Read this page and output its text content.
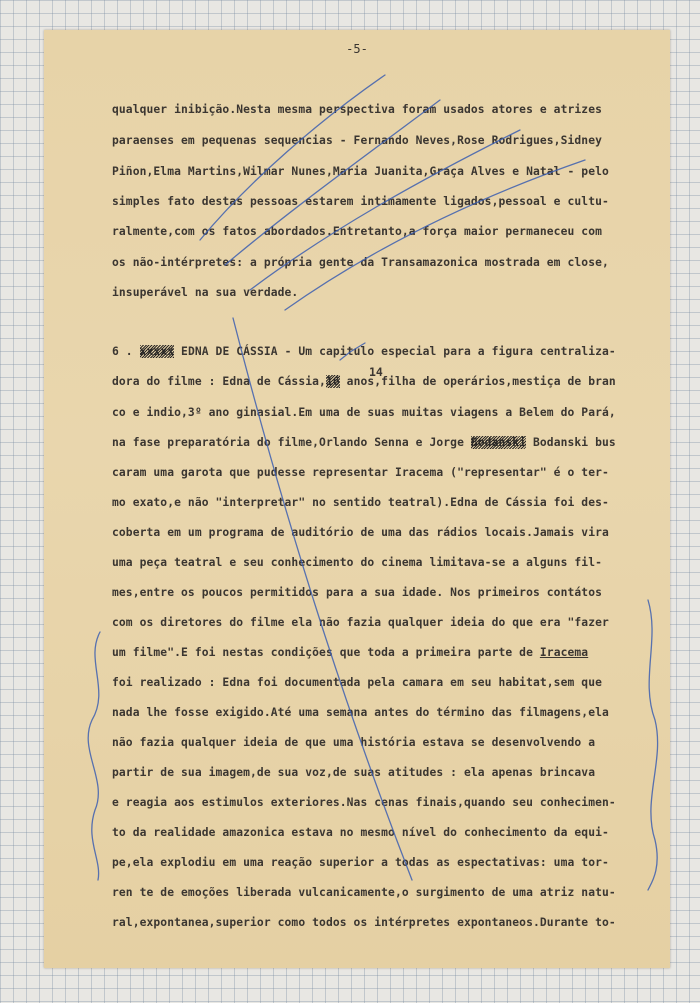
-5-
qualquer inibição.Nesta mesma perspectiva foram usados atores e atrizes
paraenses em pequenas sequencias - Fernando Neves,Rose Rodrigues,Sidney
Piñon,Elma Martins,Wilmar Nunes,Maria Juanita,Graça Alves e Natal - pelo
simples fato destas pessoas estarem intimamente ligados,pessoal e cultu-
ralmente,com os fatos abordados.Entretanto,a força maior permaneceu com
os não-intérpretes: a própria gente da Transamazonica mostrada em close,
insuperável na sua verdade.
14
6 . xxxxx EDNA DE CÁSSIA - Um capitulo especial para a figura centraliza-
dora do filme : Edna de Cássia,16 anos,filha de operários,mestiça de bran
co e indio,3º ano ginasial.Em uma de suas muitas viagens a Belem do Pará,
na fase preparatória do filme,Orlando Senna e Jorge Bodanski Bodanski bus
caram uma garota que pudesse representar Iracema ("representar" é o ter-
mo exato,e não "interpretar" no sentido teatral).Edna de Cássia foi des-
coberta em um programa de auditório de uma das rádios locais.Jamais vira
uma peça teatral e seu conhecimento do cinema limitava-se a alguns fil-
mes,entre os poucos permitidos para a sua idade. Nos primeiros contátos
com os diretores do filme ela não fazia qualquer ideia do que era "fazer
um filme".E foi nestas condições que toda a primeira parte de Iracema
foi realizado : Edna foi documentada pela camara em seu habitat,sem que
nada lhe fosse exigido.Até uma semana antes do término das filmagens,ela
não fazia qualquer ideia de que uma história estava se desenvolvendo a
partir de sua imagem,de sua voz,de suas atitudes : ela apenas brincava
e reagia aos estimulos exteriores.Nas cenas finais,quando seu conhecimen-
to da realidade amazonica estava no mesmo nível do conhecimento da equi-
pe,ela explodiu em uma reação superior a todas as espectativas: uma tor-
ren te de emoções liberada vulcanicamente,o surgimento de uma atriz natu-
ral,expontanea,superior como todos os intérpretes expontaneos.Durante to-
